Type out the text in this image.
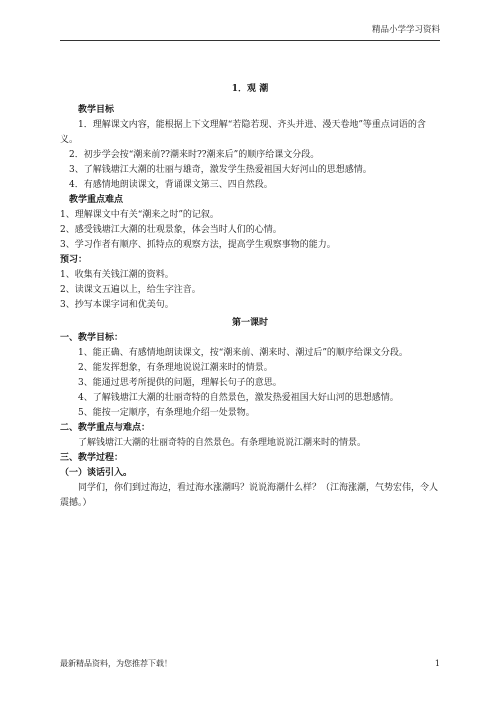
精品小学学习资料
1．观 潮
教学目标

1．理解课文内容，能根据上下文理解“若隐若现、齐头并进、漫天卷地”等重点词语的含义。

2．初步学会按“潮来前??潮来时??潮来后”的顺序给课文分段。
3、了解钱塘江大潮的壮丽与雄奇，激发学生热爱祖国大好河山的思想感情。
4．有感情地朗读课文，背诵课文第三、四自然段。
教学重点难点
1、理解课文中有关“潮来之时”的记叙。
2、感受钱塘江大潮的壮观景象，体会当时人们的心情。
3、学习作者有顺序、抓特点的观察方法，提高学生观察事物的能力。
预习：
1、收集有关钱江潮的资料。
2、读课文五遍以上，给生字注音。
3、抄写本课字词和优美句。
第一课时
一、教学目标：

1、能正确、有感情地朗读课文，按“潮来前、潮来时、潮过后”的顺序给课文分段。

2、能发挥想象，有条理地说说江潮来时的情景。
3、能通过思考所提供的问题，理解长句子的意思。
4、了解钱塘江大潮的壮丽奇特的自然景色，激发热爱祖国大好山河的思想感情。
5、能按一定顺序，有条理地介绍一处景物。
二、教学重点与难点：
了解钱塘江大潮的壮丽奇特的自然景色。有条理地说说江潮来时的情景。
三、教学过程：
（一）谈话引入。

同学们，你们到过海边，看过海水涨潮吗？说说海潮什么样？（江海涨潮，气势宏伟，令人震撼。）

最新精品资料，为您推荐下载！	1
